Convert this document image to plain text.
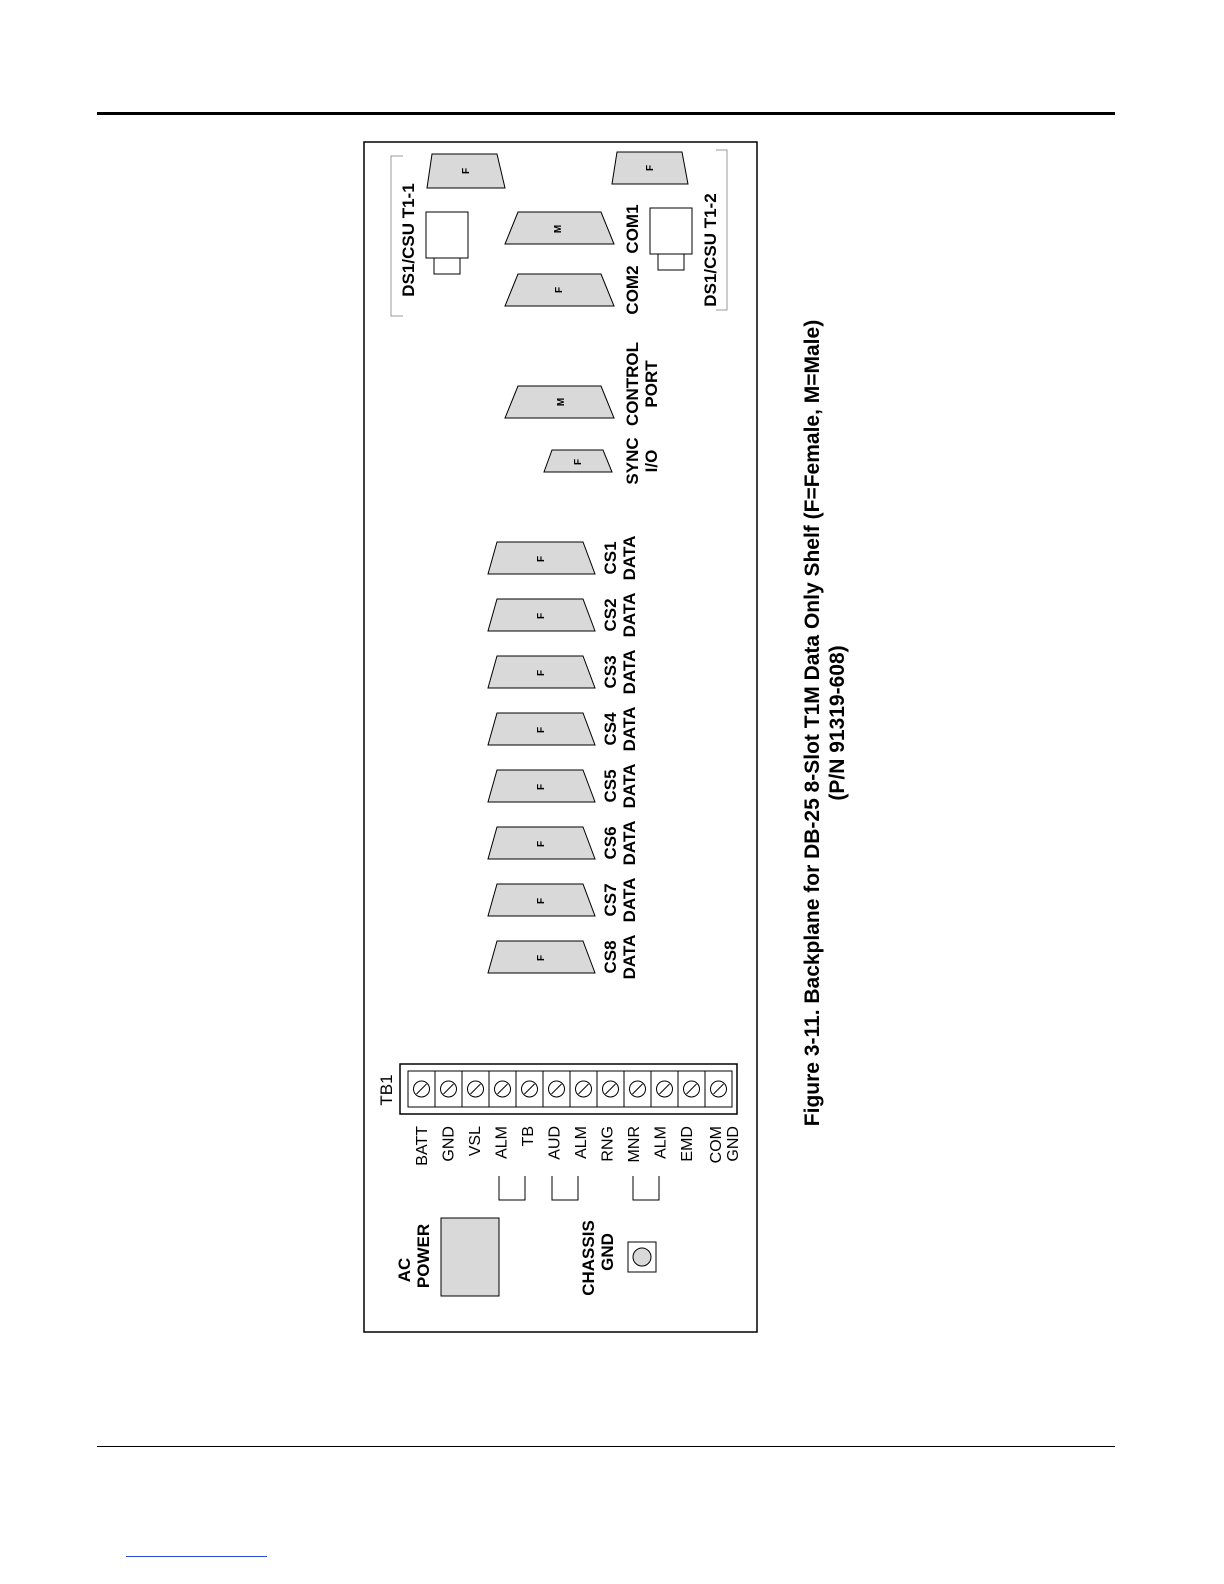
AC POWER	CHASSIS GND
TB1
BATT GND VSL ALM TB AUD ALM RNG MNR ALM EMD COM GND
F	CS8 DATA
F	CS7 DATA
F	CS6 DATA
F	CS5 DATA
F	CS4 DATA
F	CS3 DATA
F	CS2 DATA
F	CS1 DATA
F SYNC I/O
M	CONTROL PORT
F	COM2
M	COM1
DS1/CSU T1-1
F
DS1/CSU T1-2
F
Figure 3-11. Backplane for DB-25 8-Slot T1M Data Only Shelf (F=Female, M=Male) (P/N 91319-608)
